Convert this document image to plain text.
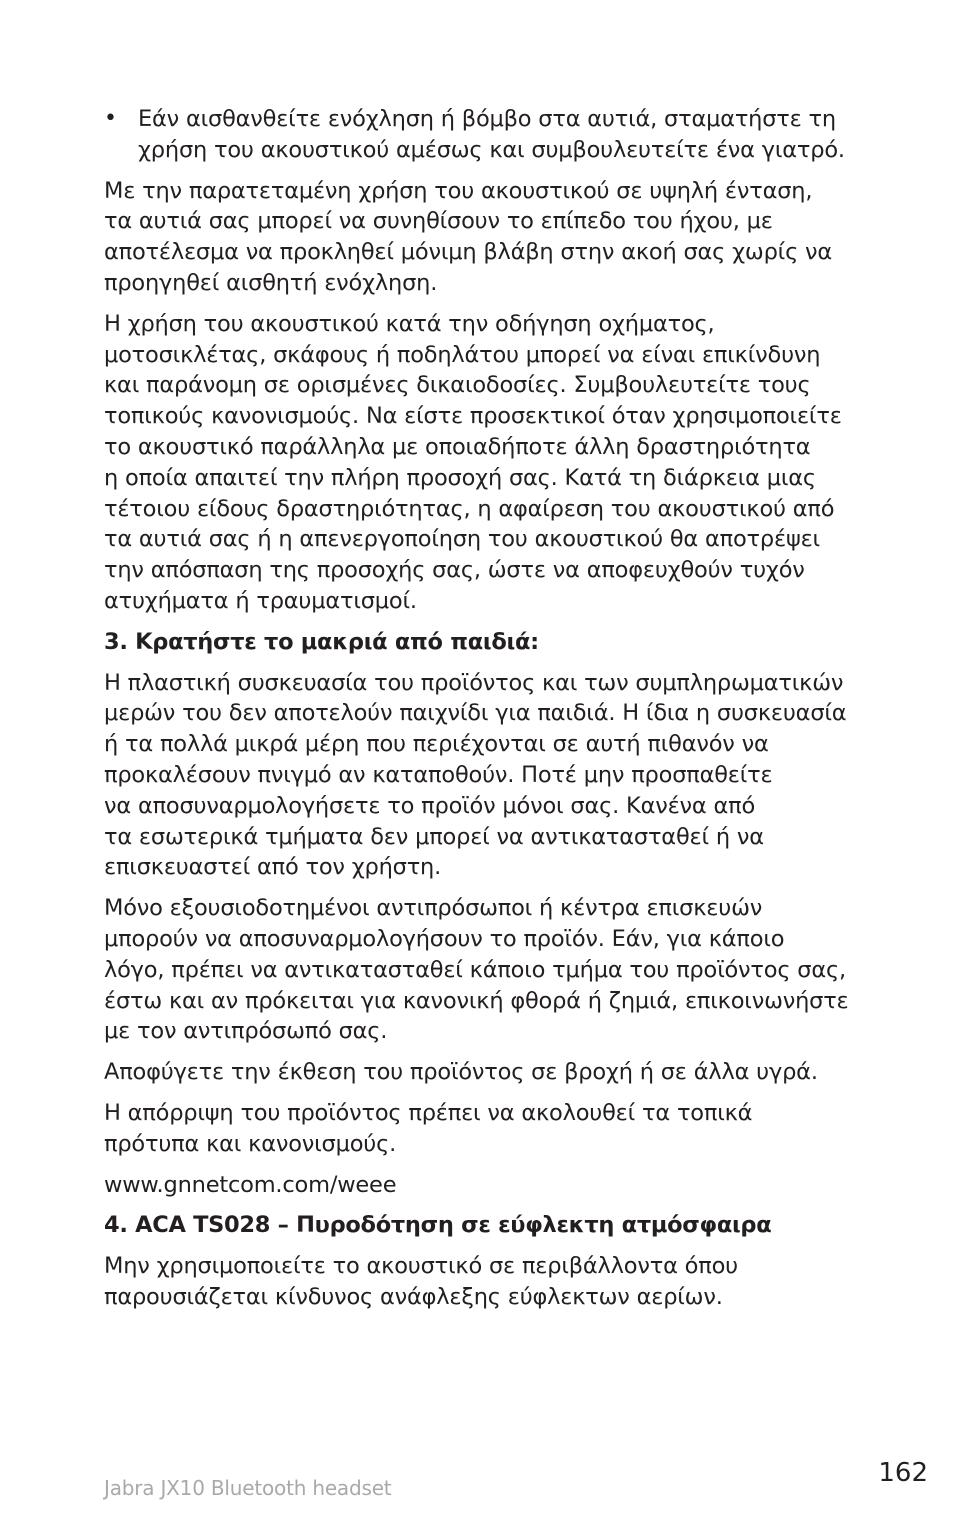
• Εάν αισθανθείτε ενόχληση ή βόμβο στα αυτιά, σταματήστε τη
χρήση του ακουστικού αμέσως και συμβουλευτείτε ένα γιατρό.
Με την παρατεταμένη χρήση του ακουστικού σε υψηλή ένταση,
τα αυτιά σας μπορεί να συνηθίσουν το επίπεδο του ήχου, με
αποτέλεσμα να προκληθεί μόνιμη βλάβη στην ακοή σας χωρίς να
προηγηθεί αισθητή ενόχληση.
Η χρήση του ακουστικού κατά την οδήγηση οχήματος,
μοτοσικλέτας, σκάφους ή ποδηλάτου μπορεί να είναι επικίνδυνη
και παράνομη σε ορισμένες δικαιοδοσίες. Συμβουλευτείτε τους
τοπικούς κανονισμούς. Να είστε προσεκτικοί όταν χρησιμοποιείτε
το ακουστικό παράλληλα με οποιαδήποτε άλλη δραστηριότητα
η οποία απαιτεί την πλήρη προσοχή σας. Κατά τη διάρκεια μιας
τέτοιου είδους δραστηριότητας, η αφαίρεση του ακουστικού από
τα αυτιά σας ή η απενεργοποίηση του ακουστικού θα αποτρέψει
την απόσπαση της προσοχής σας, ώστε να αποφευχθούν τυχόν
ατυχήματα ή τραυματισμοί.
3. Κρατήστε το μακριά από παιδιά:
Η πλαστική συσκευασία του προϊόντος και των συμπληρωματικών
μερών του δεν αποτελούν παιχνίδι για παιδιά. Η ίδια η συσκευασία
ή τα πολλά μικρά μέρη που περιέχονται σε αυτή πιθανόν να
προκαλέσουν πνιγμό αν καταποθούν. Ποτέ μην προσπαθείτε
να αποσυναρμολογήσετε το προϊόν μόνοι σας. Κανένα από
τα εσωτερικά τμήματα δεν μπορεί να αντικατασταθεί ή να
επισκευαστεί από τον χρήστη.
Μόνο εξουσιοδοτημένοι αντιπρόσωποι ή κέντρα επισκευών
μπορούν να αποσυναρμολογήσουν το προϊόν. Εάν, για κάποιο
λόγο, πρέπει να αντικατασταθεί κάποιο τμήμα του προϊόντος σας,
έστω και αν πρόκειται για κανονική φθορά ή ζημιά, επικοινωνήστε
με τον αντιπρόσωπό σας.
Αποφύγετε την έκθεση του προϊόντος σε βροχή ή σε άλλα υγρά.
Η απόρριψη του προϊόντος πρέπει να ακολουθεί τα τοπικά
πρότυπα και κανονισμούς.
www.gnnetcom.com/weee
4. ACA TS028 – Πυροδότηση σε εύφλεκτη ατμόσφαιρα
Μην χρησιμοποιείτε το ακουστικό σε περιβάλλοντα όπου
παρουσιάζεται κίνδυνος ανάφλεξης εύφλεκτων αερίων.
Jabra JX10 Bluetooth headset	162
